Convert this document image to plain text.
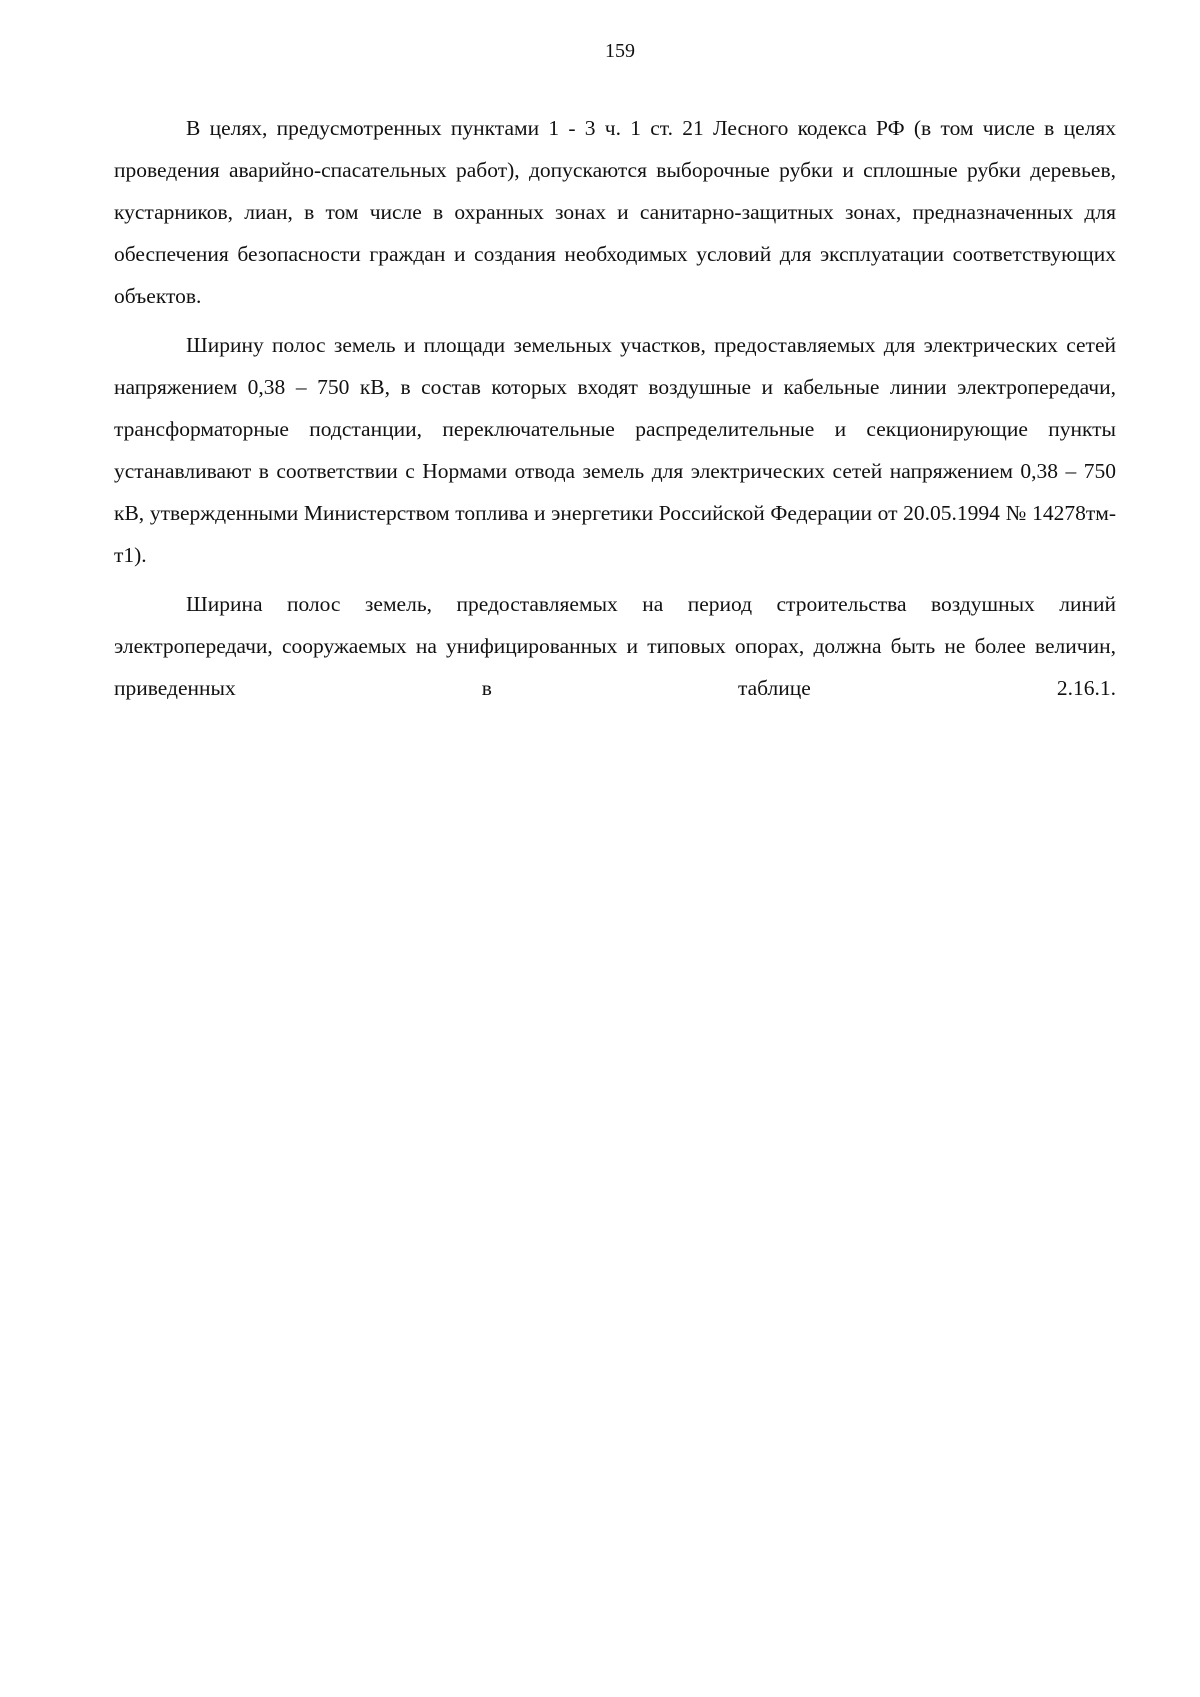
159

В целях, предусмотренных пунктами 1 - 3 ч. 1 ст. 21 Лесного кодекса РФ (в том числе в целях проведения аварийно-спасательных работ), допускаются выборочные рубки и сплошные рубки деревьев, кустарников, лиан, в том числе в охранных зонах и санитарно-защитных зонах, предназначенных для обеспечения безопасности граждан и создания необходимых условий для эксплуатации соответствующих объектов.

Ширину полос земель и площади земельных участков, предоставляемых для электрических сетей напряжением 0,38 – 750 кВ, в состав которых входят воздушные и кабельные линии электропередачи, трансформаторные подстанции, переключательные распределительные и секционирующие пункты устанавливают в соответствии с Нормами отвода земель для электрических сетей напряжением 0,38 – 750 кВ, утвержденными Министерством топлива и энергетики Российской Федерации от 20.05.1994 № 14278тм-т1).

Ширина полос земель, предоставляемых на период строительства воздушных линий электропередачи, сооружаемых на унифицированных и типовых опорах, должна быть не более величин, приведенных в таблице 2.16.1.
